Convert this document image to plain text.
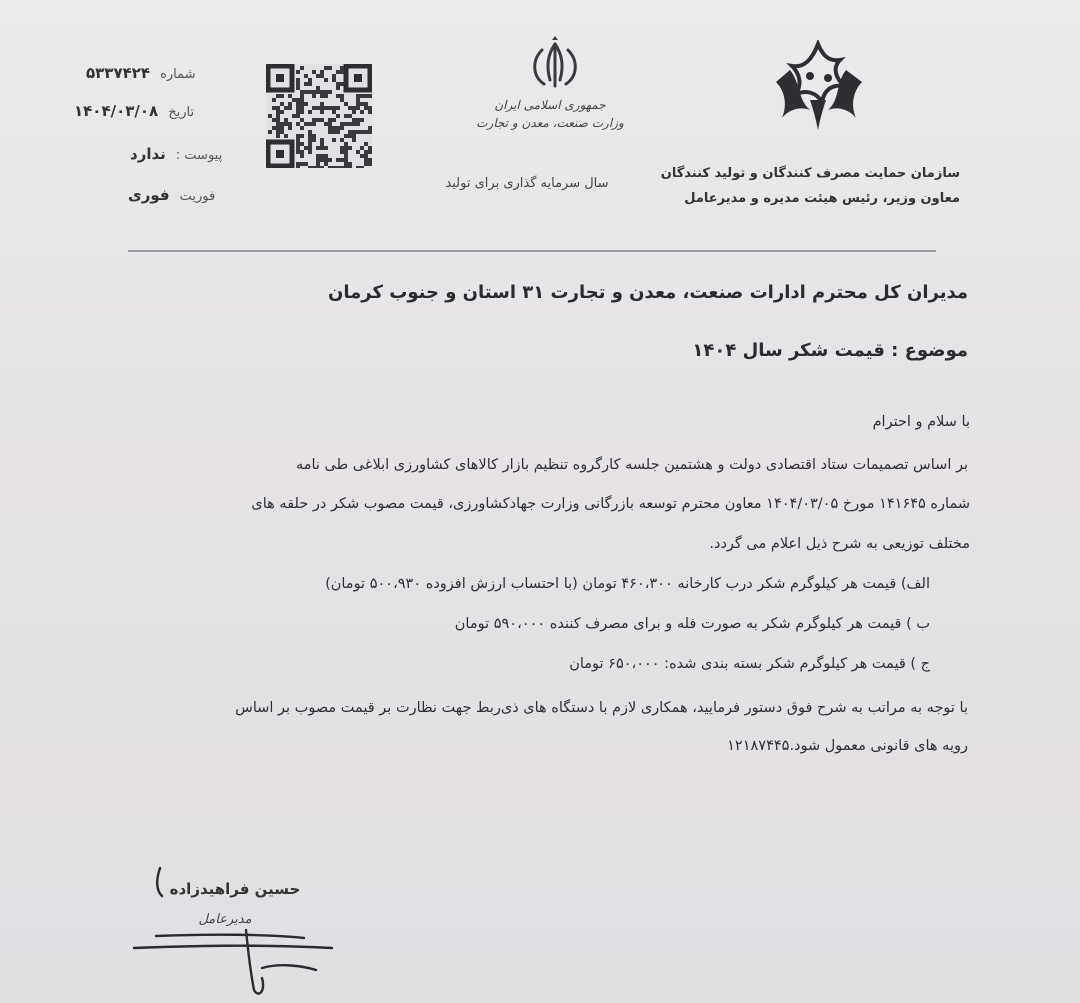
شماره
۵۳۳۷۴۲۴
تاریخ
۱۴۰۴/۰۳/۰۸
پیوست :
ندارد
فوریت
فوری
جمهوری اسلامی ایران
وزارت صنعت، معدن و تجارت
سال سرمایه گذاری برای تولید
سازمان حمایت مصرف کنندگان و تولید کنندگان
معاون وزیر، رئیس هیئت مدیره و مدیرعامل
مدیران کل محترم ادارات صنعت، معدن و تجارت ۳۱ استان و جنوب کرمان
موضوع : قیمت شکر سال ۱۴۰۴
با سلام و احترام
بر اساس تصمیمات ستاد اقتصادی دولت و هشتمین جلسه کارگروه تنظیم بازار کالاهای کشاورزی ابلاغی طی نامه
شماره ۱۴۱۶۴۵ مورخ ۱۴۰۴/۰۳/۰۵ معاون محترم توسعه بازرگانی وزارت جهادکشاورزی، قیمت مصوب شکر در حلقه های
مختلف توزیعی به شرح ذیل اعلام می گردد.
الف) قیمت هر کیلوگرم شکر درب کارخانه ۴۶۰،۳۰۰ تومان (با احتساب ارزش افزوده ۵۰۰،۹۳۰ تومان)
ب ) قیمت هر کیلوگرم شکر به صورت فله و برای مصرف کننده ۵۹۰،۰۰۰ تومان
ج ) قیمت هر کیلوگرم شکر بسته بندی شده: ۶۵۰،۰۰۰ تومان
با توجه به مراتب به شرح فوق دستور فرمایید، همکاری لازم با دستگاه های ذی‌ربط جهت نظارت بر قیمت مصوب بر اساس
رویه های قانونی معمول شود.۱۲۱۸۷۴۴۵
حسین فراهیدزاده
مدیرعامل
